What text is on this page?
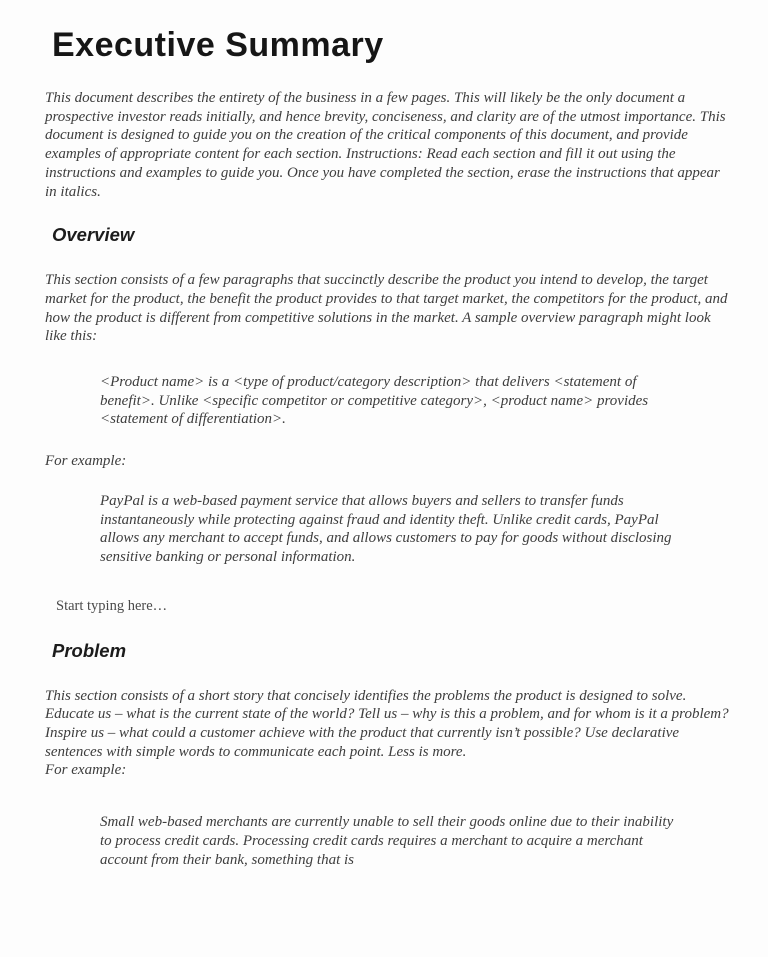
Executive Summary

This document describes the entirety of the business in a few pages. This will likely be the only document a prospective investor reads initially, and hence brevity, conciseness, and clarity are of the utmost importance. This document is designed to guide you on the creation of the critical components of this document, and provide examples of appropriate content for each section. Instructions: Read each section and fill it out using the instructions and examples to guide you. Once you have completed the section, erase the instructions that appear in italics.

Overview

This section consists of a few paragraphs that succinctly describe the product you intend to develop, the target market for the product, the benefit the product provides to that target market, the competitors for the product, and how the product is different from competitive solutions in the market. A sample overview paragraph might look like this:

<Product name> is a <type of product/category description> that delivers <statement of benefit>. Unlike <specific competitor or competitive category>, <product name> provides <statement of differentiation>.

For example:

PayPal is a web-based payment service that allows buyers and sellers to transfer funds instantaneously while protecting against fraud and identity theft. Unlike credit cards, PayPal allows any merchant to accept funds, and allows customers to pay for goods without disclosing sensitive banking or personal information.

Start typing here…

Problem

This section consists of a short story that concisely identifies the problems the product is designed to solve. Educate us – what is the current state of the world? Tell us – why is this a problem, and for whom is it a problem? Inspire us – what could a customer achieve with the product that currently isn’t possible? Use declarative sentences with simple words to communicate each point. Less is more.

For example:

Small web-based merchants are currently unable to sell their goods online due to their inability to process credit cards. Processing credit cards requires a merchant to acquire a merchant account from their bank, something that is
